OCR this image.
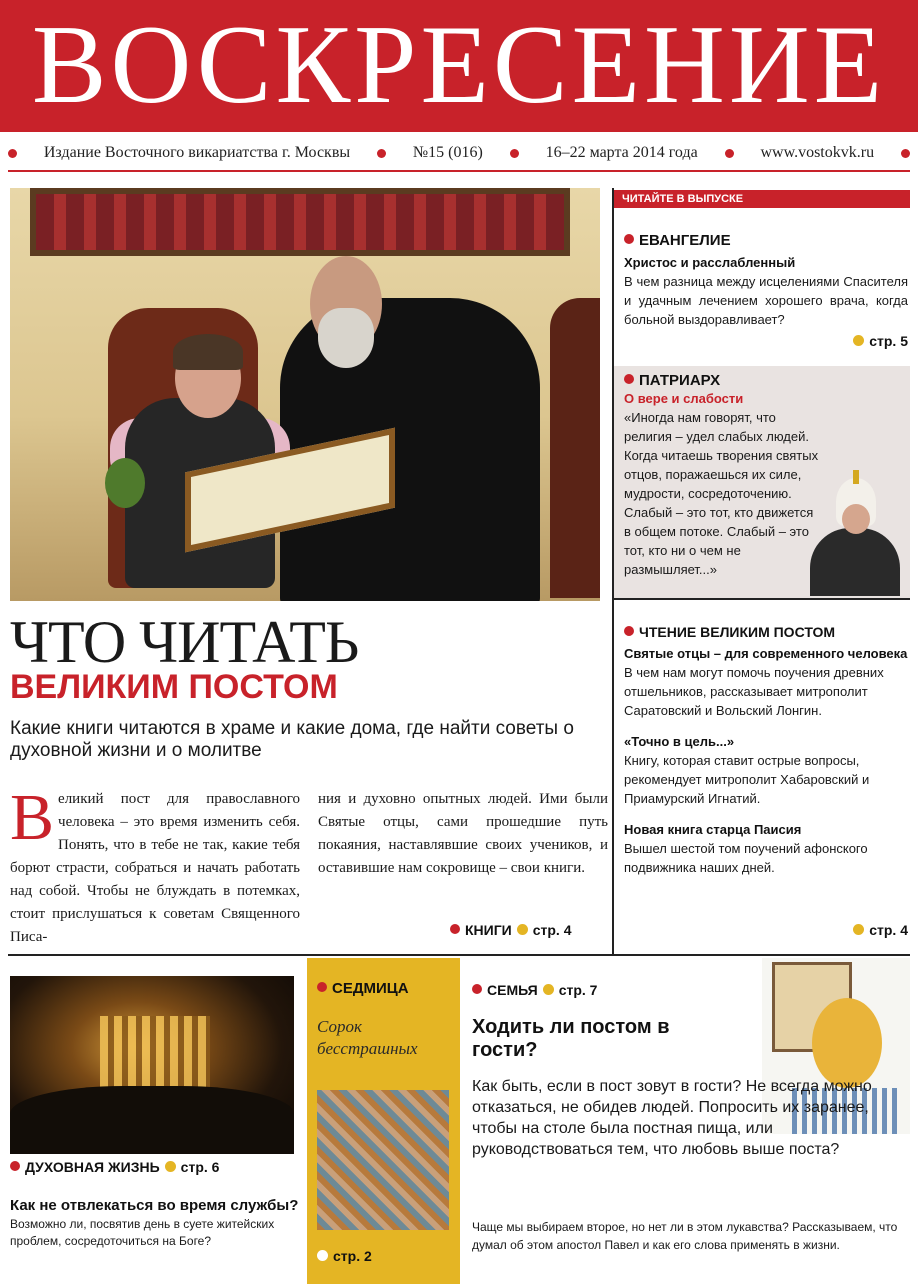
ВОСКРЕСЕНИЕ
Издание Восточного викариатства г. Москвы	№15 (016)	16–22 марта 2014 года	www.vostokvk.ru
ЧТО ЧИТАТЬ
ВЕЛИКИМ ПОСТОМ
Какие книги читаются в храме и какие дома, где найти советы о духовной жизни и о молитве
Великий пост для православного человека – это время изменить себя. Понять, что в тебе не так, какие тебя борют страсти, собраться и начать работать над собой. Чтобы не блуждать в потемках, стоит прислушаться к советам Священного Писа-
ния и духовно опытных людей. Ими были Святые отцы, сами прошедшие путь покаяния, наставлявшие своих учеников, и оставившие нам сокровище – свои книги.
КНИГИ стр. 4
ЧИТАЙТЕ В ВЫПУСКЕ
ЕВАНГЕЛИЕ
Христос и расслабленный
В чем разница между исцелениями Спасителя и удачным лечением хорошего врача, когда больной выздоравливает?
стр. 5
ПАТРИАРХ
О вере и слабости
«Иногда нам говорят, что религия – удел слабых людей. Когда читаешь творения святых отцов, поражаешься их силе, мудрости, сосредоточению. Слабый – это тот, кто движется в общем потоке. Слабый – это тот, кто ни о чем не размышляет...»
ЧТЕНИЕ ВЕЛИКИМ ПОСТОМ
Святые отцы – для современного человека
В чем нам могут помочь поучения древних отшельников, рассказывает митрополит Саратовский и Вольский Лонгин.
«Точно в цель...»
Книгу, которая ставит острые вопросы, рекомендует митрополит Хабаровский и Приамурский Игнатий.
Новая книга старца Паисия
Вышел шестой том поучений афонского подвижника наших дней.
стр. 4
ДУХОВНАЯ ЖИЗНЬ стр. 6
Как не отвлекаться во время службы?
Возможно ли, посвятив день в суете житейских проблем, сосредоточиться на Боге?
СЕДМИЦА
Сорок бесстрашных
стр. 2
СЕМЬЯ стр. 7
Ходить ли постом в гости?
Как быть, если в пост зовут в гости? Не всегда можно отказаться, не обидев людей. Попросить их заранее, чтобы на столе была постная пища, или руководствоваться тем, что любовь выше поста?
Чаще мы выбираем второе, но нет ли в этом лукавства? Рассказываем, что думал об этом апостол Павел и как его слова применять в жизни.
